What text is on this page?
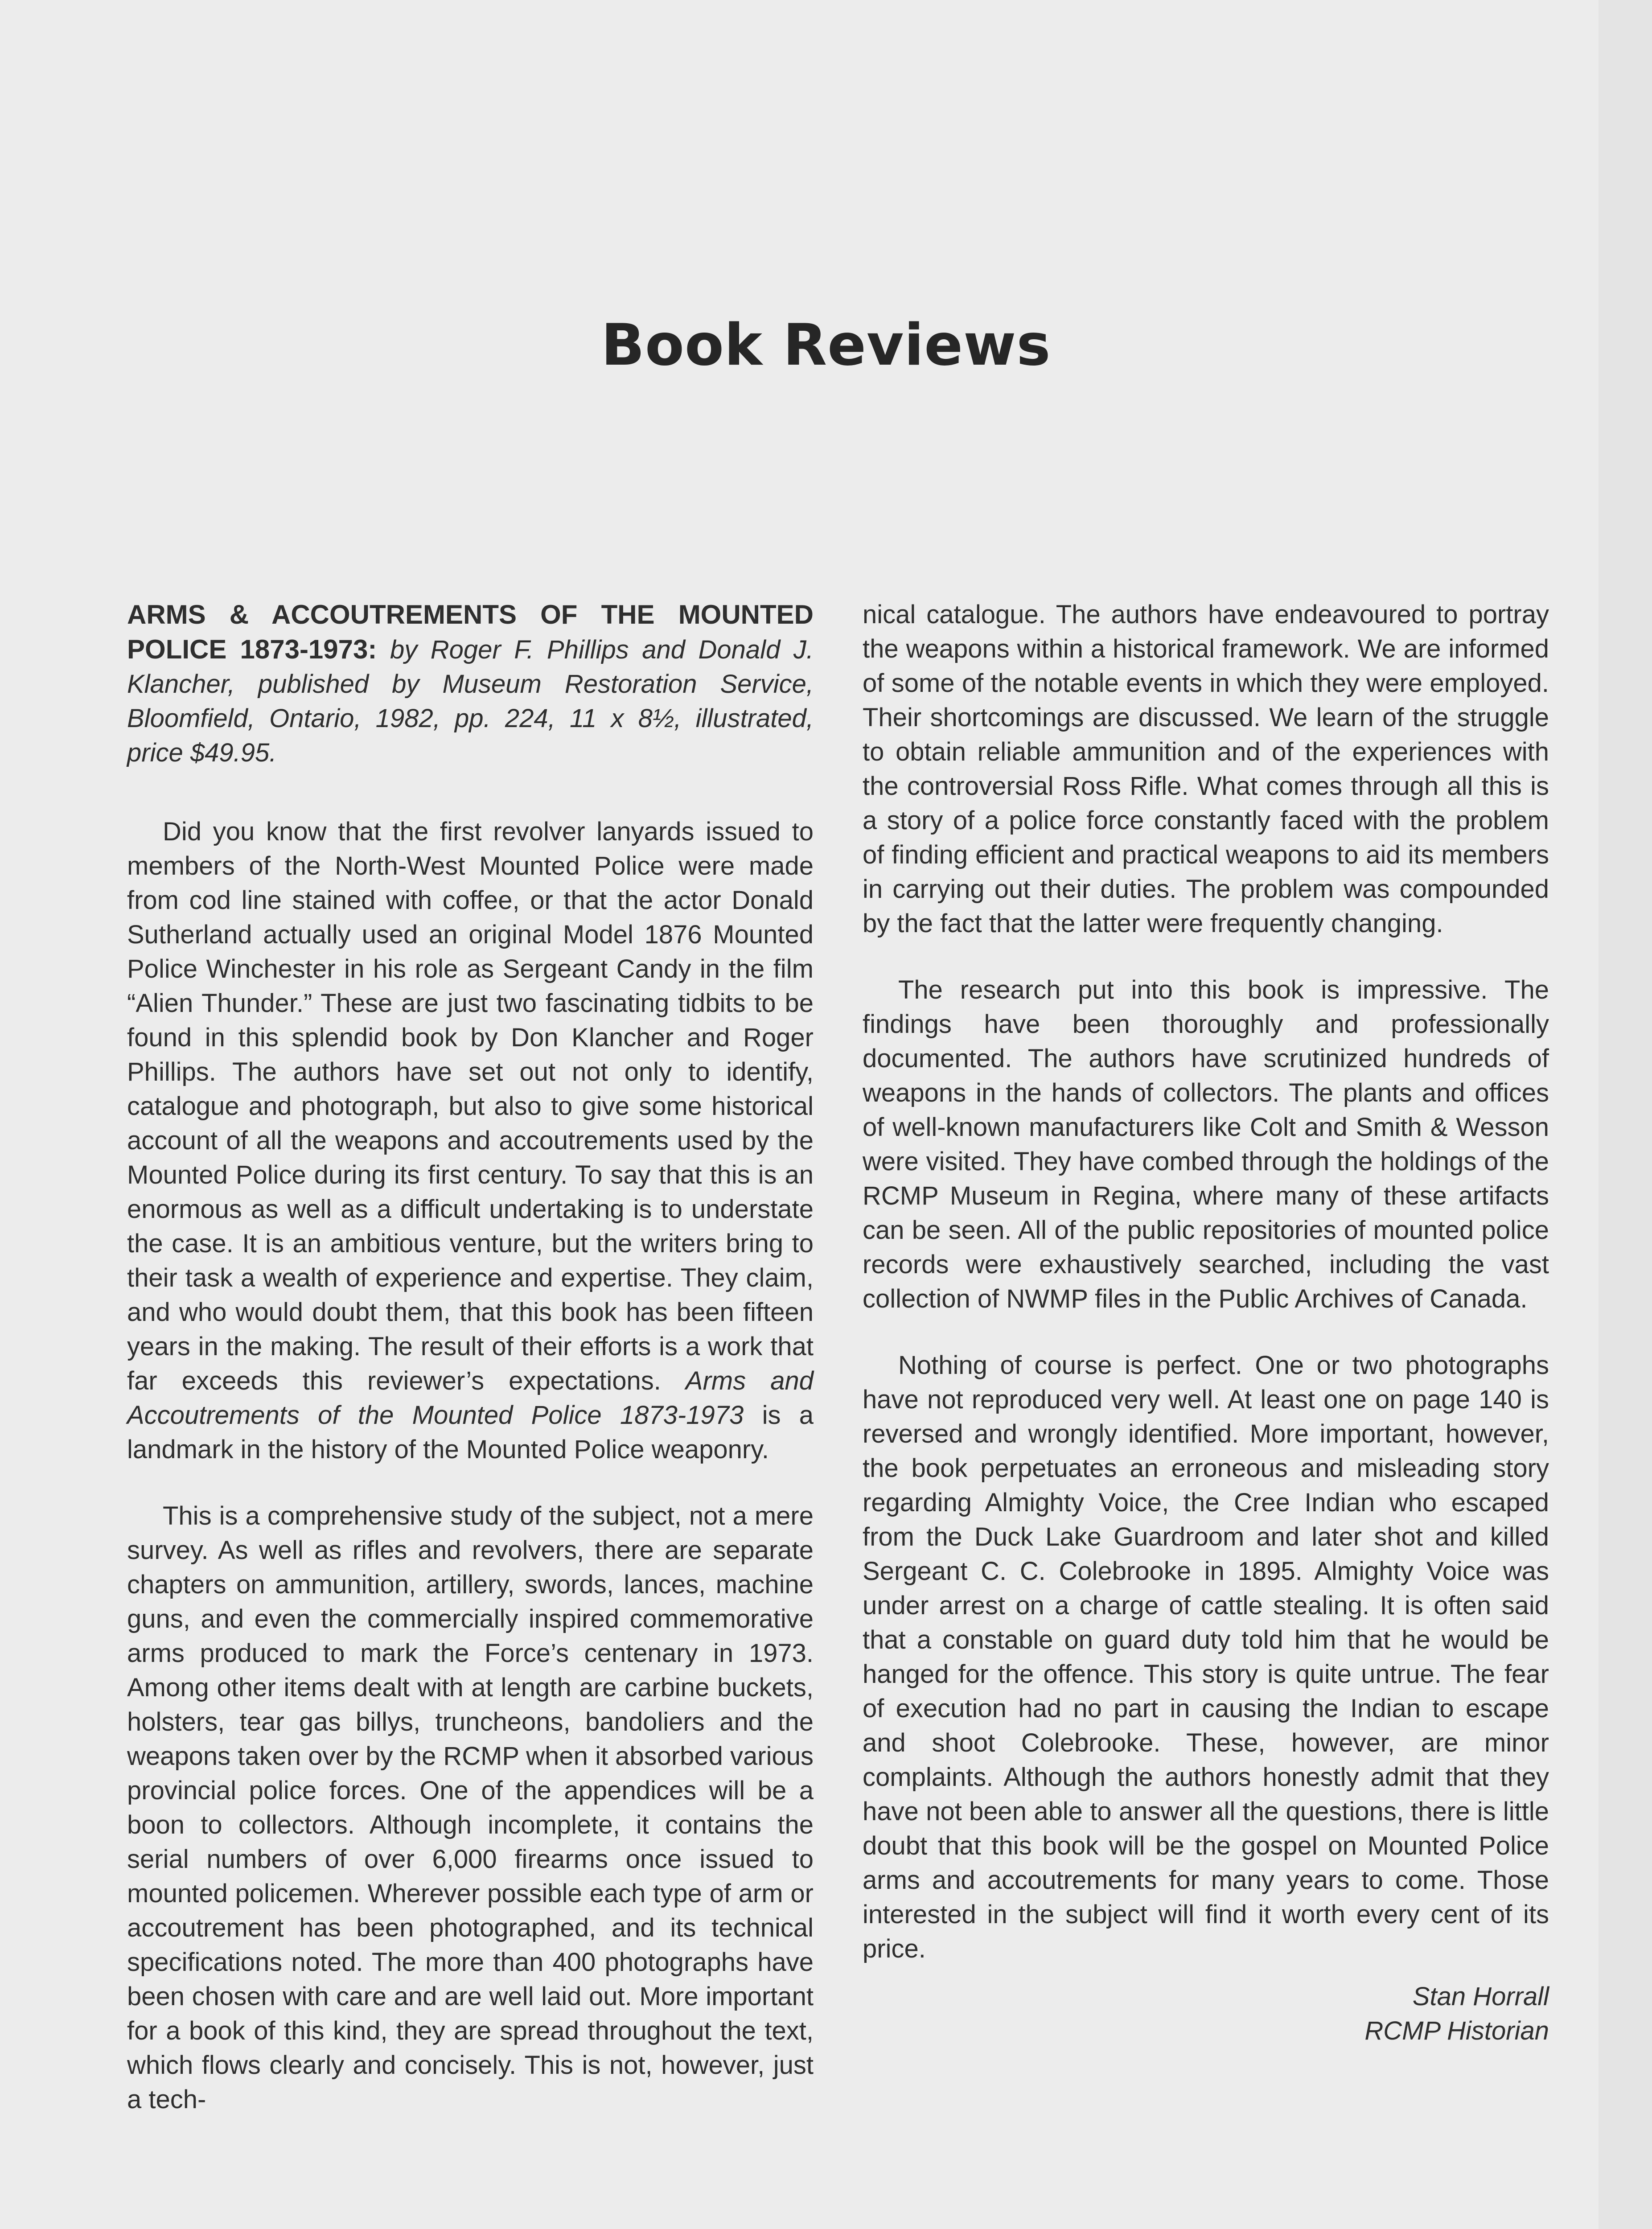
Book Reviews

ARMS & ACCOUTREMENTS OF THE MOUNTED POLICE 1873-1973: by Roger F. Phillips and Donald J. Klancher, published by Museum Restoration Service, Bloomfield, Ontario, 1982, pp. 224, 11 x 8½, illustrated, price $49.95.

Did you know that the first revolver lanyards issued to members of the North-West Mounted Police were made from cod line stained with coffee, or that the actor Donald Sutherland actually used an original Model 1876 Mounted Police Winchester in his role as Sergeant Candy in the film “Alien Thunder.” These are just two fascinating tidbits to be found in this splendid book by Don Klancher and Roger Phillips. The authors have set out not only to identify, catalogue and photograph, but also to give some historical account of all the weapons and accoutrements used by the Mounted Police during its first century. To say that this is an enormous as well as a difficult undertaking is to understate the case. It is an ambitious venture, but the writers bring to their task a wealth of experience and expertise. They claim, and who would doubt them, that this book has been fifteen years in the making. The result of their efforts is a work that far exceeds this reviewer’s expectations. Arms and Accoutrements of the Mounted Police 1873-1973 is a landmark in the history of the Mounted Police weaponry.

This is a comprehensive study of the subject, not a mere survey. As well as rifles and revolvers, there are separate chapters on ammunition, artillery, swords, lances, machine guns, and even the commercially inspired commemorative arms produced to mark the Force’s centenary in 1973. Among other items dealt with at length are carbine buckets, holsters, tear gas billys, truncheons, bandoliers and the weapons taken over by the RCMP when it absorbed various provincial police forces. One of the appendices will be a boon to collectors. Although incomplete, it contains the serial numbers of over 6,000 firearms once issued to mounted policemen. Wherever possible each type of arm or accoutrement has been photographed, and its technical specifications noted. The more than 400 photographs have been chosen with care and are well laid out. More important for a book of this kind, they are spread throughout the text, which flows clearly and concisely. This is not, however, just a tech-

nical catalogue. The authors have endeavoured to portray the weapons within a historical framework. We are informed of some of the notable events in which they were employed. Their shortcomings are discussed. We learn of the struggle to obtain reliable ammunition and of the experiences with the controversial Ross Rifle. What comes through all this is a story of a police force constantly faced with the problem of finding efficient and practical weapons to aid its members in carrying out their duties. The problem was compounded by the fact that the latter were frequently changing.

The research put into this book is impressive. The findings have been thoroughly and professionally documented. The authors have scrutinized hundreds of weapons in the hands of collectors. The plants and offices of well-known manufacturers like Colt and Smith & Wesson were visited. They have combed through the holdings of the RCMP Museum in Regina, where many of these artifacts can be seen. All of the public repositories of mounted police records were exhaustively searched, including the vast collection of NWMP files in the Public Archives of Canada.

Nothing of course is perfect. One or two photographs have not reproduced very well. At least one on page 140 is reversed and wrongly identified. More important, however, the book perpetuates an erroneous and misleading story regarding Almighty Voice, the Cree Indian who escaped from the Duck Lake Guardroom and later shot and killed Sergeant C. C. Colebrooke in 1895. Almighty Voice was under arrest on a charge of cattle stealing. It is often said that a constable on guard duty told him that he would be hanged for the offence. This story is quite untrue. The fear of execution had no part in causing the Indian to escape and shoot Colebrooke. These, however, are minor complaints. Although the authors honestly admit that they have not been able to answer all the questions, there is little doubt that this book will be the gospel on Mounted Police arms and accoutrements for many years to come. Those interested in the subject will find it worth every cent of its price.

Stan Horrall
RCMP Historian
